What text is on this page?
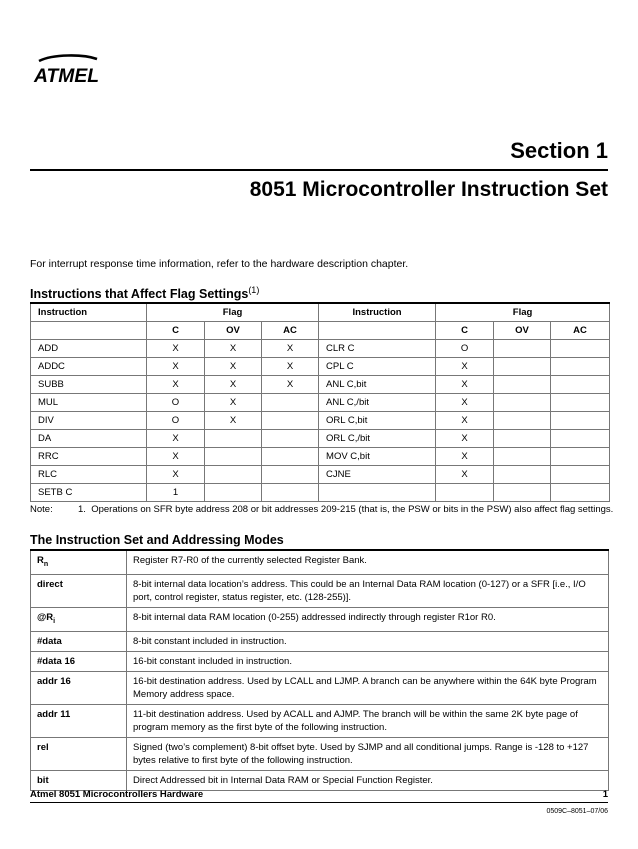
ATMEL
Section 1
8051 Microcontroller Instruction Set
For interrupt response time information, refer to the hardware description chapter.
Instructions that Affect Flag Settings$^{(1)}$
Instruction	Flag			Instruction	Flag		
	C	OV	AC		C	OV	AC
ADD	X	X	X	CLR C	O		
ADDC	X	X	X	CPL C	X		
SUBB	X	X	X	ANL C,bit	X		
MUL	O	X		ANL C,/bit	X		
DIV	O	X		ORL C,bit	X		
DA	X			ORL C,/bit	X		
RRC	X			MOV C,bit	X		
RLC	X			CJNE	X		
SETB C	1						
Note:	1. Operations on SFR byte address 208 or bit addresses 209-215 (that is, the PSW or bits in the PSW) also affect flag settings.
The Instruction Set and Addressing Modes
$R_n$	Register R7-R0 of the currently selected Register Bank.
direct	8-bit internal data location’s address. This could be an Internal Data RAM location (0-127) or a SFR [i.e., I/O port, control register, status register, etc. (128-255)].
$@R_i$	8-bit internal data RAM location (0-255) addressed indirectly through register R1or R0.
#data	8-bit constant included in instruction.
#data 16	16-bit constant included in instruction.
addr 16	16-bit destination address. Used by LCALL and LJMP. A branch can be anywhere within the 64K byte Program Memory address space.
addr 11	11-bit destination address. Used by ACALL and AJMP. The branch will be within the same 2K byte page of program memory as the first byte of the following instruction.
rel	Signed (two’s complement) 8-bit offset byte. Used by SJMP and all conditional jumps. Range is -128 to +127 bytes relative to first byte of the following instruction.
bit	Direct Addressed bit in Internal Data RAM or Special Function Register.
Atmel 8051 Microcontrollers Hardware	1
0509C–8051–07/06
